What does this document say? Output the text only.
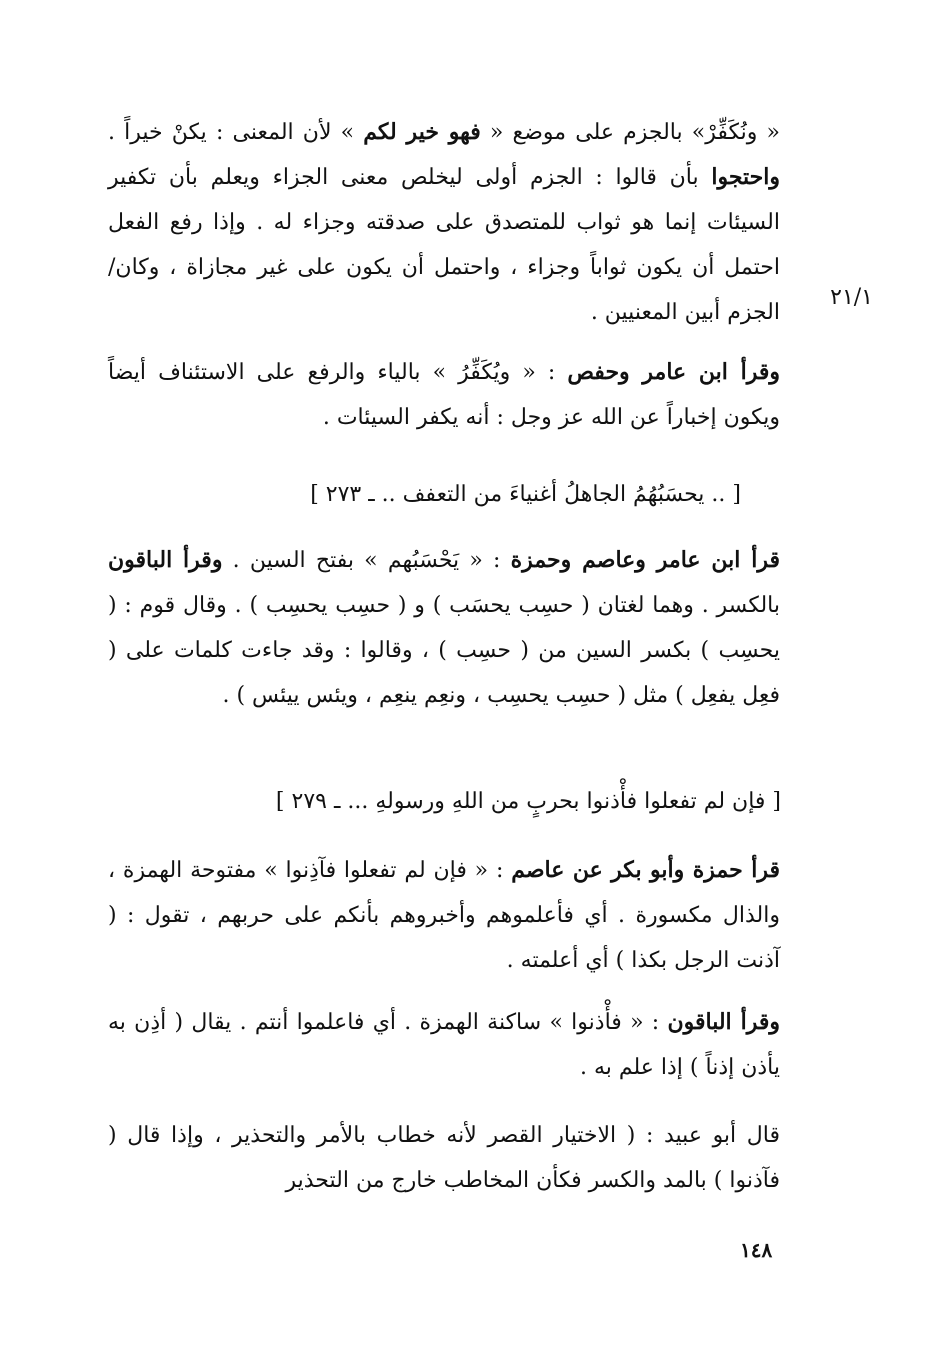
« ونُكَفِّرْ» بالجزم على موضع « فهو خير لكم » لأن المعنى : يكنْ خيراً . واحتجوا بأن قالوا : الجزم أولى ليخلص معنى الجزاء ويعلم بأن تكفير السيئات إنما هو ثواب للمتصدق على صدقته وجزاء له . وإذا رفع الفعل احتمل أن يكون ثواباً وجزاء ، واحتمل أن يكون على غير مجازاة ، وكان/الجزم أبين المعنيين .
٢١/١
وقرأ ابن عامر وحفص : « ويُكَفِّرُ » بالياء والرفع على الاستئناف أيضاً ويكون إخباراً عن الله عز وجل : أنه يكفر السيئات .
[ .. يحسَبُهُمُ الجاهلُ أغنياءَ من التعفف .. ـ ٢٧٣ ]
قرأ ابن عامر وعاصم وحمزة : « يَحْسَبُهم » بفتح السين . وقرأ الباقون بالكسر . وهما لغتان ( حسِب يحسَب ) و ( حسِب يحسِب ) . وقال قوم : ( يحسِب ) بكسر السين من ( حسِب ) ، وقالوا : وقد جاءت كلمات على ( فعِل يفعِل ) مثل ( حسِب يحسِب ، ونعِم ينعِم ، ويئس ييئس ) .
[ فإن لم تفعلوا فأْذنوا بحربٍ من اللهِ ورسولهِ ... ـ ٢٧٩ ]
قرأ حمزة وأبو بكر عن عاصم : « فإن لم تفعلوا فآذِنوا » مفتوحة الهمزة ، والذال مكسورة . أي فأعلموهم وأخبروهم بأنكم على حربهم ، تقول : ( آذنت الرجل بكذا ) أي أعلمته .
وقرأ الباقون : « فأْذنوا » ساكنة الهمزة . أي فاعلموا أنتم . يقال ( أذِن به يأذن إذناً ) إذا علم به .
قال أبو عبيد : ( الاختيار القصر لأنه خطاب بالأمر والتحذير ، وإذا قال ( فآذنوا ) بالمد والكسر فكأن المخاطب خارج من التحذير
١٤٨
